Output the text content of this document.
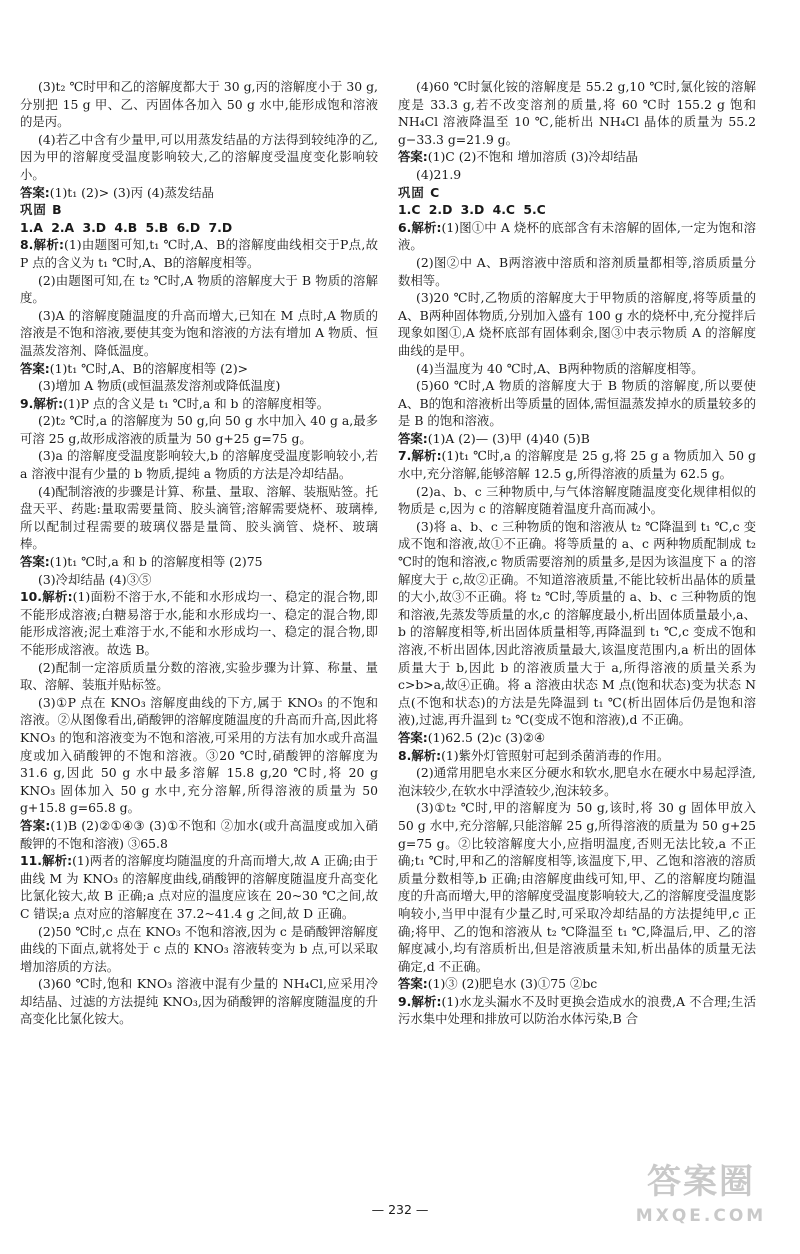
(3)t₂ ℃时甲和乙的溶解度都大于 30 g,丙的溶解度小于 30 g,分别把 15 g 甲、乙、丙固体各加入 50 g 水中,能形成饱和溶液的是丙。

(4)若乙中含有少量甲,可以用蒸发结晶的方法得到较纯净的乙,因为甲的溶解度受温度影响较大,乙的溶解度受温度变化影响较小。

答案:(1)t₁ (2)> (3)丙 (4)蒸发结晶

巩固 B

1.A 2.A 3.D 4.B 5.B 6.D 7.D

8.解析:(1)由题图可知,t₁ ℃时,A、B的溶解度曲线相交于P点,故 P 点的含义为 t₁ ℃时,A、B的溶解度相等。

(2)由题图可知,在 t₂ ℃时,A 物质的溶解度大于 B 物质的溶解度。

(3)A 的溶解度随温度的升高而增大,已知在 M 点时,A 物质的溶液是不饱和溶液,要使其变为饱和溶液的方法有增加 A 物质、恒温蒸发溶剂、降低温度。

答案:(1)t₁ ℃时,A、B的溶解度相等 (2)>

(3)增加 A 物质(或恒温蒸发溶剂或降低温度)

9.解析:(1)P 点的含义是 t₁ ℃时,a 和 b 的溶解度相等。

(2)t₂ ℃时,a 的溶解度为 50 g,向 50 g 水中加入 40 g a,最多可溶 25 g,故形成溶液的质量为 50 g+25 g=75 g。

(3)a 的溶解度受温度影响较大,b 的溶解度受温度影响较小,若 a 溶液中混有少量的 b 物质,提纯 a 物质的方法是冷却结晶。

(4)配制溶液的步骤是计算、称量、量取、溶解、装瓶贴签。托盘天平、药匙:量取需要量筒、胶头滴管;溶解需要烧杯、玻璃棒,所以配制过程需要的玻璃仪器是量筒、胶头滴管、烧杯、玻璃棒。

答案:(1)t₁ ℃时,a 和 b 的溶解度相等 (2)75

(3)冷却结晶 (4)③⑤

10.解析:(1)面粉不溶于水,不能和水形成均一、稳定的混合物,即不能形成溶液;白糖易溶于水,能和水形成均一、稳定的混合物,即能形成溶液;泥土难溶于水,不能和水形成均一、稳定的混合物,即不能形成溶液。故选 B。

(2)配制一定溶质质量分数的溶液,实验步骤为计算、称量、量取、溶解、装瓶并贴标签。

(3)①P 点在 KNO₃ 溶解度曲线的下方,属于 KNO₃ 的不饱和溶液。②从图像看出,硝酸钾的溶解度随温度的升高而升高,因此将 KNO₃ 的饱和溶液变为不饱和溶液,可采用的方法有加水或升高温度或加入硝酸钾的不饱和溶液。③20 ℃时,硝酸钾的溶解度为 31.6 g,因此 50 g 水中最多溶解 15.8 g,20 ℃时,将 20 g KNO₃ 固体加入 50 g 水中,充分溶解,所得溶液的质量为 50 g+15.8 g=65.8 g。

答案:(1)B (2)②①④③ (3)①不饱和 ②加水(或升高温度或加入硝酸钾的不饱和溶液) ③65.8

11.解析:(1)两者的溶解度均随温度的升高而增大,故 A 正确;由于曲线 M 为 KNO₃ 的溶解度曲线,硝酸钾的溶解度随温度升高变化比氯化铵大,故 B 正确;a 点对应的温度应该在 20~30 ℃之间,故 C 错误;a 点对应的溶解度在 37.2~41.4 g 之间,故 D 正确。

(2)50 ℃时,c 点在 KNO₃ 不饱和溶液,因为 c 是硝酸钾溶解度曲线的下面点,就将处于 c 点的 KNO₃ 溶液转变为 b 点,可以采取增加溶质的方法。

(3)60 ℃时,饱和 KNO₃ 溶液中混有少量的 NH₄Cl,应采用冷却结晶、过滤的方法提纯 KNO₃,因为硝酸钾的溶解度随温度的升高变化比氯化铵大。

(4)60 ℃时氯化铵的溶解度是 55.2 g,10 ℃时,氯化铵的溶解度是 33.3 g,若不改变溶剂的质量,将 60 ℃时 155.2 g 饱和 NH₄Cl 溶液降温至 10 ℃,能析出 NH₄Cl 晶体的质量为 55.2 g−33.3 g=21.9 g。

答案:(1)C (2)不饱和 增加溶质 (3)冷却结晶

(4)21.9

巩固 C

1.C 2.D 3.D 4.C 5.C

6.解析:(1)图①中 A 烧杯的底部含有未溶解的固体,一定为饱和溶液。

(2)图②中 A、B两溶液中溶质和溶剂质量都相等,溶质质量分数相等。

(3)20 ℃时,乙物质的溶解度大于甲物质的溶解度,将等质量的 A、B两种固体物质,分别加入盛有 100 g 水的烧杯中,充分搅拌后现象如图①,A 烧杯底部有固体剩余,图③中表示物质 A 的溶解度曲线的是甲。

(4)当温度为 40 ℃时,A、B两种物质的溶解度相等。

(5)60 ℃时,A 物质的溶解度大于 B 物质的溶解度,所以要使 A、B的饱和溶液析出等质量的固体,需恒温蒸发掉水的质量较多的是 B 的饱和溶液。

答案:(1)A (2)— (3)甲 (4)40 (5)B

7.解析:(1)t₁ ℃时,a 的溶解度是 25 g,将 25 g a 物质加入 50 g 水中,充分溶解,能够溶解 12.5 g,所得溶液的质量为 62.5 g。

(2)a、b、c 三种物质中,与气体溶解度随温度变化规律相似的物质是 c,因为 c 的溶解度随着温度升高而减小。

(3)将 a、b、c 三种物质的饱和溶液从 t₂ ℃降温到 t₁ ℃,c 变成不饱和溶液,故①不正确。将等质量的 a、c 两种物质配制成 t₂ ℃时的饱和溶液,c 物质需要溶剂的质量多,是因为该温度下 a 的溶解度大于 c,故②正确。不知道溶液质量,不能比较析出晶体的质量的大小,故③不正确。将 t₂ ℃时,等质量的 a、b、c 三种物质的饱和溶液,先蒸发等质量的水,c 的溶解度最小,析出固体质量最小,a、b 的溶解度相等,析出固体质量相等,再降温到 t₁ ℃,c 变成不饱和溶液,不析出固体,因此溶液质量最大,该温度范围内,a 析出的固体质量大于 b,因此 b 的溶液质量大于 a,所得溶液的质量关系为 c>b>a,故④正确。将 a 溶液由状态 M 点(饱和状态)变为状态 N 点(不饱和状态)的方法是先降温到 t₁ ℃(析出固体后仍是饱和溶液),过滤,再升温到 t₂ ℃(变成不饱和溶液),d 不正确。

答案:(1)62.5 (2)c (3)②④

8.解析:(1)紫外灯管照射可起到杀菌消毒的作用。

(2)通常用肥皂水来区分硬水和软水,肥皂水在硬水中易起浮渣,泡沫较少,在软水中浮渣较少,泡沫较多。

(3)①t₂ ℃时,甲的溶解度为 50 g,该时,将 30 g 固体甲放入 50 g 水中,充分溶解,只能溶解 25 g,所得溶液的质量为 50 g+25 g=75 g。②比较溶解度大小,应指明温度,否则无法比较,a 不正确;t₁ ℃时,甲和乙的溶解度相等,该温度下,甲、乙饱和溶液的溶质质量分数相等,b 正确;由溶解度曲线可知,甲、乙的溶解度均随温度的升高而增大,甲的溶解度受温度影响较大,乙的溶解度受温度影响较小,当甲中混有少量乙时,可采取冷却结晶的方法提纯甲,c 正确;将甲、乙的饱和溶液从 t₂ ℃降温至 t₁ ℃,降温后,甲、乙的溶解度减小,均有溶质析出,但是溶液质量未知,析出晶体的质量无法确定,d 不正确。

答案:(1)③ (2)肥皂水 (3)①75 ②bc

9.解析:(1)水龙头漏水不及时更换会造成水的浪费,A 不合理;生活污水集中处理和排放可以防治水体污染,B 合

— 232 —
答案圈
MXQE.COM
